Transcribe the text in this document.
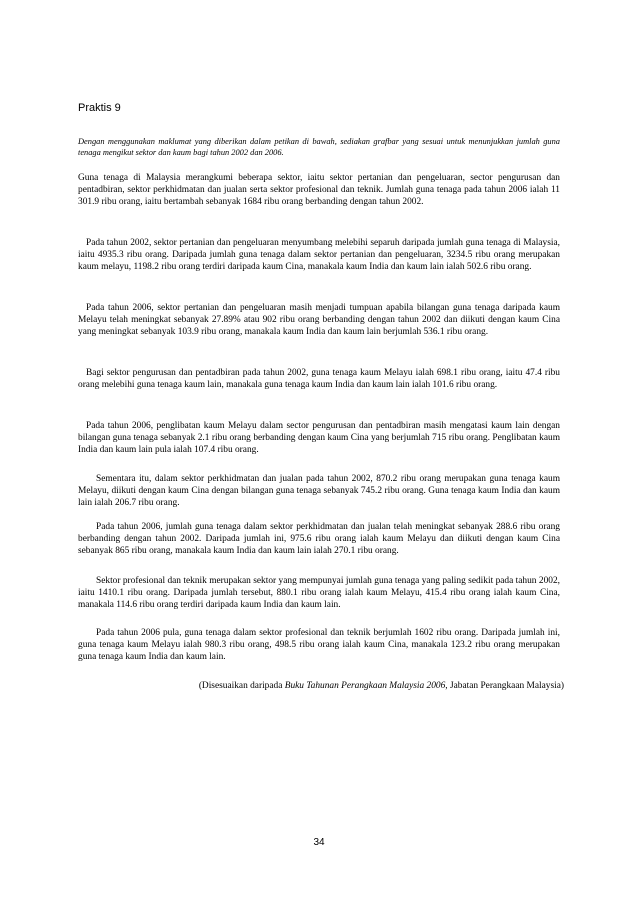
Praktis 9
Dengan menggunakan maklumat yang diberikan dalam petikan di bawah, sediakan grafbar yang sesuai untuk menunjukkan jumlah guna tenaga mengikut sektor dan kaum bagi tahun 2002 dan 2006.
Guna tenaga di Malaysia merangkumi beberapa sektor, iaitu sektor pertanian dan pengeluaran, sector pengurusan dan pentadbiran, sektor perkhidmatan dan jualan serta sektor profesional dan teknik. Jumlah guna tenaga pada tahun 2006 ialah 11 301.9 ribu orang, iaitu bertambah sebanyak 1684 ribu orang berbanding dengan tahun 2002.
Pada tahun 2002, sektor pertanian dan pengeluaran menyumbang melebihi separuh daripada jumlah guna tenaga di Malaysia, iaitu 4935.3 ribu orang. Daripada jumlah guna tenaga dalam sektor pertanian dan pengeluaran, 3234.5 ribu orang merupakan kaum melayu, 1198.2 ribu orang terdiri daripada kaum Cina, manakala kaum India dan kaum lain ialah 502.6 ribu orang.
Pada tahun 2006, sektor pertanian dan pengeluaran masih menjadi tumpuan apabila bilangan guna tenaga daripada kaum Melayu telah meningkat sebanyak 27.89% atau 902 ribu orang berbanding dengan tahun 2002 dan diikuti dengan kaum Cina yang meningkat sebanyak 103.9 ribu orang, manakala kaum India dan kaum lain berjumlah 536.1 ribu orang.
Bagi sektor pengurusan dan pentadbiran pada tahun 2002, guna tenaga kaum Melayu ialah 698.1 ribu orang, iaitu 47.4 ribu orang melebihi guna tenaga kaum lain, manakala guna tenaga kaum India dan kaum lain ialah 101.6 ribu orang.
Pada tahun 2006, penglibatan kaum Melayu dalam sector pengurusan dan pentadbiran masih mengatasi kaum lain dengan bilangan guna tenaga sebanyak 2.1 ribu orang berbanding dengan kaum Cina yang berjumlah 715 ribu orang. Penglibatan kaum India dan kaum lain pula ialah 107.4 ribu orang.
Sementara itu, dalam sektor perkhidmatan dan jualan pada tahun 2002, 870.2 ribu orang merupakan guna tenaga kaum Melayu, diikuti dengan kaum Cina dengan bilangan guna tenaga sebanyak 745.2 ribu orang. Guna tenaga kaum India dan kaum lain ialah 206.7 ribu orang.
Pada tahun 2006, jumlah guna tenaga dalam sektor perkhidmatan dan jualan telah meningkat sebanyak 288.6 ribu orang berbanding dengan tahun 2002. Daripada jumlah ini, 975.6 ribu orang ialah kaum Melayu dan diikuti dengan kaum Cina sebanyak 865 ribu orang, manakala kaum India dan kaum lain ialah 270.1 ribu orang.
Sektor profesional dan teknik merupakan sektor yang mempunyai jumlah guna tenaga yang paling sedikit pada tahun 2002, iaitu 1410.1 ribu orang. Daripada jumlah tersebut, 880.1 ribu orang ialah kaum Melayu, 415.4 ribu orang ialah kaum Cina, manakala 114.6 ribu orang terdiri daripada kaum India dan kaum lain.
Pada tahun 2006 pula, guna tenaga dalam sektor profesional dan teknik berjumlah 1602 ribu orang. Daripada jumlah ini, guna tenaga kaum Melayu ialah 980.3 ribu orang, 498.5 ribu orang ialah kaum Cina, manakala 123.2 ribu orang merupakan guna tenaga kaum India dan kaum lain.
(Disesuaikan daripada Buku Tahunan Perangkaan Malaysia 2006, Jabatan Perangkaan Malaysia)
34
